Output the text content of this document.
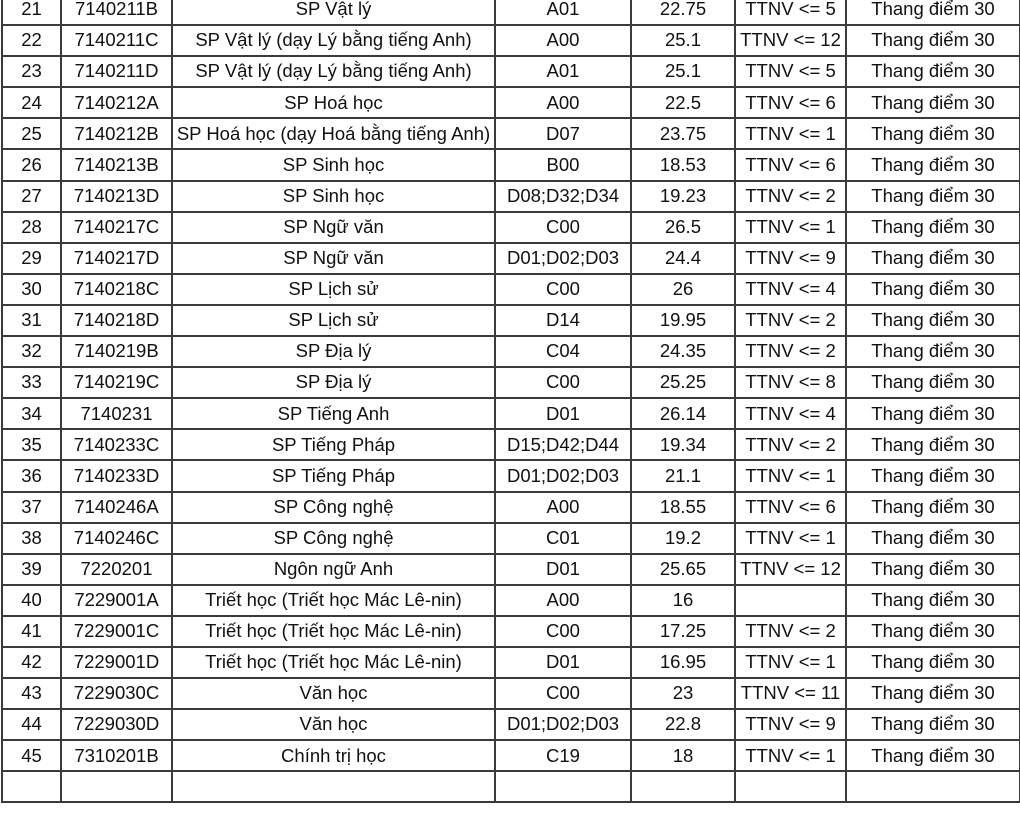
21	7140211B	SP Vật lý	A01	22.75	TTNV <= 5	Thang điểm 30
22	7140211C	SP Vật lý (dạy Lý bằng tiếng Anh)	A00	25.1	TTNV <= 12	Thang điểm 30
23	7140211D	SP Vật lý (dạy Lý bằng tiếng Anh)	A01	25.1	TTNV <= 5	Thang điểm 30
24	7140212A	SP Hoá học	A00	22.5	TTNV <= 6	Thang điểm 30
25	7140212B	SP Hoá học (dạy Hoá bằng tiếng Anh)	D07	23.75	TTNV <= 1	Thang điểm 30
26	7140213B	SP Sinh học	B00	18.53	TTNV <= 6	Thang điểm 30
27	7140213D	SP Sinh học	D08;D32;D34	19.23	TTNV <= 2	Thang điểm 30
28	7140217C	SP Ngữ văn	C00	26.5	TTNV <= 1	Thang điểm 30
29	7140217D	SP Ngữ văn	D01;D02;D03	24.4	TTNV <= 9	Thang điểm 30
30	7140218C	SP Lịch sử	C00	26	TTNV <= 4	Thang điểm 30
31	7140218D	SP Lịch sử	D14	19.95	TTNV <= 2	Thang điểm 30
32	7140219B	SP Địa lý	C04	24.35	TTNV <= 2	Thang điểm 30
33	7140219C	SP Địa lý	C00	25.25	TTNV <= 8	Thang điểm 30
34	7140231	SP Tiếng Anh	D01	26.14	TTNV <= 4	Thang điểm 30
35	7140233C	SP Tiếng Pháp	D15;D42;D44	19.34	TTNV <= 2	Thang điểm 30
36	7140233D	SP Tiếng Pháp	D01;D02;D03	21.1	TTNV <= 1	Thang điểm 30
37	7140246A	SP Công nghệ	A00	18.55	TTNV <= 6	Thang điểm 30
38	7140246C	SP Công nghệ	C01	19.2	TTNV <= 1	Thang điểm 30
39	7220201	Ngôn ngữ Anh	D01	25.65	TTNV <= 12	Thang điểm 30
40	7229001A	Triết học (Triết học Mác Lê-nin)	A00	16		Thang điểm 30
41	7229001C	Triết học (Triết học Mác Lê-nin)	C00	17.25	TTNV <= 2	Thang điểm 30
42	7229001D	Triết học (Triết học Mác Lê-nin)	D01	16.95	TTNV <= 1	Thang điểm 30
43	7229030C	Văn học	C00	23	TTNV <= 11	Thang điểm 30
44	7229030D	Văn học	D01;D02;D03	22.8	TTNV <= 9	Thang điểm 30
45	7310201B	Chính trị học	C19	18	TTNV <= 1	Thang điểm 30
